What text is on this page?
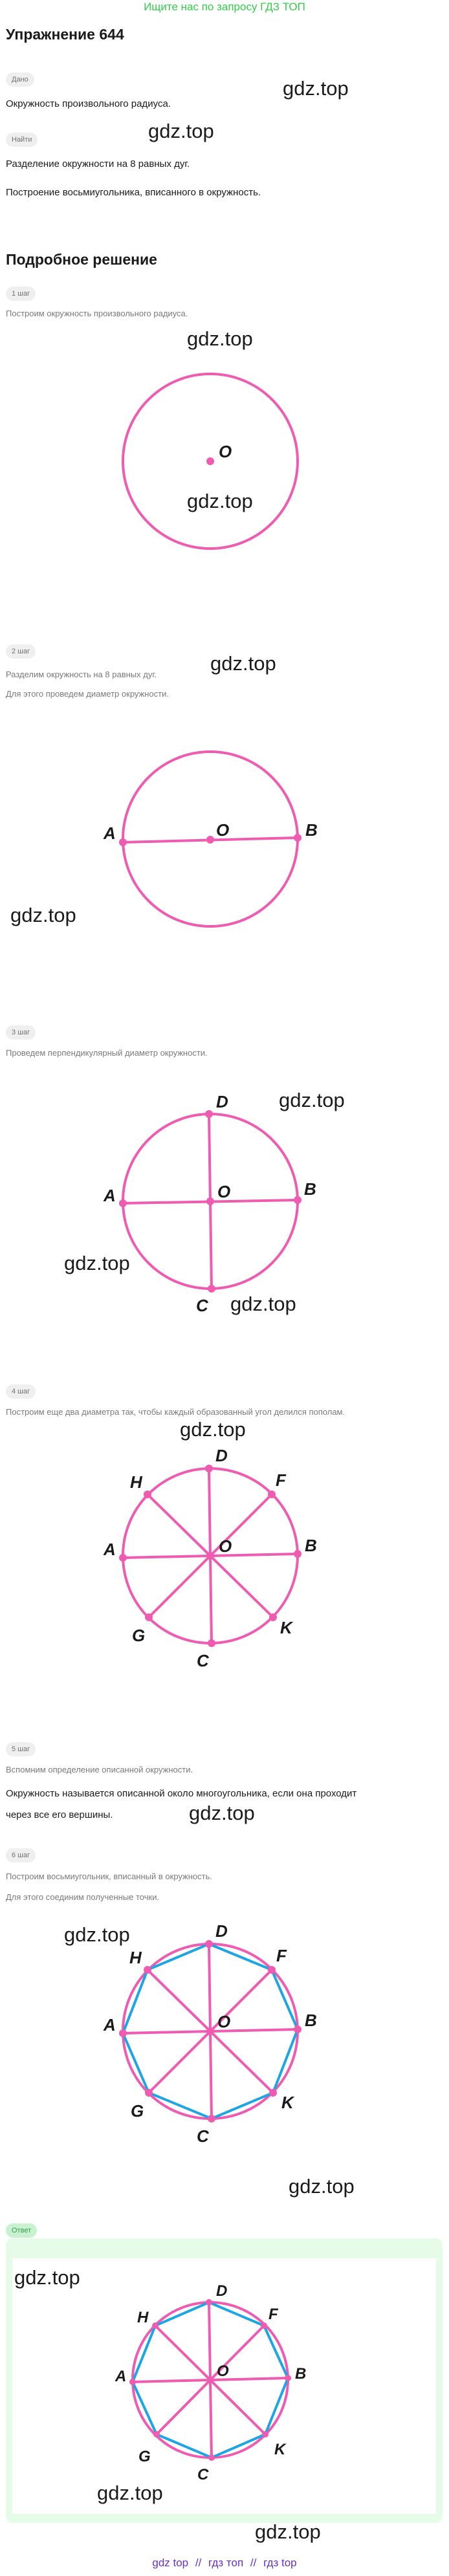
Ищите нас по запросу ГДЗ ТОП
Упражнение 644
Дано
Окружность произвольного радиуса.
Найти
Разделение окружности на 8 равных дуг.
Построение восьмиугольника, вписанного в окружность.
Подробное решение
1 шаг
Построим окружность произвольного радиуса.
2 шаг
Разделим окружность на 8 равных дуг.
Для этого проведем диаметр окружности.
3 шаг
Проведем перпендикулярный диаметр окружности.
4 шаг
Построим еще два диаметра так, чтобы каждый образованный угол делился пополам.
5 шаг
Вспомним определение описанной окружности.
Окружность называется описанной около многоугольника, если она проходит
через все его вершины.
6 шаг
Построим восьмиугольник, вписанный в окружность.
Для этого соединим полученные точки.
Ответ
O
A	O	B
A	O	B
D
C
A	O	B
D
C
F
H
G	K
A	O	B
D
C
F
H
G	K
A	O	B
D
C
F
H
G	K
gdz.top
gdz.top
gdz.top
gdz.top
gdz.top
gdz.top
gdz.top
gdz.top
gdz.top
gdz.top
gdz.top
gdz.top
gdz.top
gdz.top
gdz.top
gdz.top
gdz top // гдз топ // гдз top
